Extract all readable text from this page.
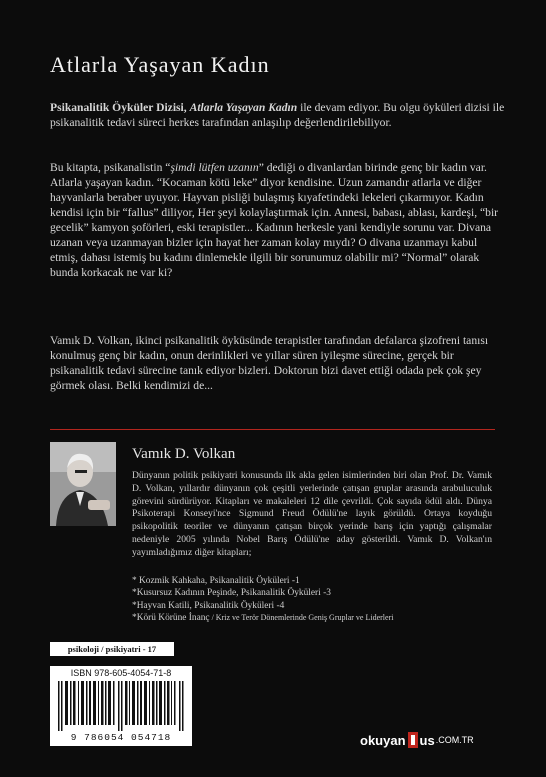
Atlarla Yaşayan Kadın

Psikanalitik Öyküler Dizisi, Atlarla Yaşayan Kadın ile devam ediyor. Bu olgu öyküleri dizisi ile psikanalitik tedavi süreci herkes tarafından anlaşılıp değerlendirilebiliyor.

Bu kitapta, psikanalistin “şimdi lütfen uzanın” dediği o divanlardan birinde genç bir kadın var. Atlarla yaşayan kadın. “Kocaman kötü leke” diyor kendisine. Uzun zamandır atlarla ve diğer hayvanlarla beraber uyuyor. Hayvan pisliği bulaşmış kıyafetindeki lekeleri çıkarmıyor. Kadın kendisi için bir “fallus” diliyor, Her şeyi kolaylaştırmak için. Annesi, babası, ablası, kardeşi, “bir gecelik” kamyon şoförleri, eski terapistler... Kadının herkesle yani kendiyle sorunu var. Divana uzanan veya uzanmayan bizler için hayat her zaman kolay mıydı? O divana uzanmayı kabul etmiş, dahası istemiş bu kadını dinlemekle ilgili bir sorunumuz olabilir mi? “Normal” olarak bunda korkacak ne var ki?

Vamık D. Volkan, ikinci psikanalitik öyküsünde terapistler tarafından defalarca şizofreni tanısı konulmuş genç bir kadın, onun derinlikleri ve yıllar süren iyileşme sürecine, gerçek bir psikanalitik tedavi sürecine tanık ediyor bizleri. Doktorun bizi davet ettiği odada pek çok şey görmek olası. Belki kendimizi de...

Vamık D. Volkan

Dünyanın politik psikiyatri konusunda ilk akla gelen isimlerinden biri olan Prof. Dr. Vamık D. Volkan, yıllardır dünyanın çok çeşitli yerlerinde çatışan gruplar arasında arabuluculuk görevini sürdürüyor. Kitapları ve makaleleri 12 dile çevrildi. Çok sayıda ödül aldı. Dünya Psikoterapi Konseyi'nce Sigmund Freud Ödülü'ne layık görüldü. Ortaya koyduğu psikopolitik teoriler ve dünyanın çatışan birçok yerinde barış için yaptığı çalışmalar nedeniyle 2005 yılında Nobel Barış Ödülü'ne aday gösterildi. Vamık D. Volkan'ın yayımladığımız diğer kitapları;

* Kozmik Kahkaha, Psikanalitik Öyküleri -1
*Kusursuz Kadının Peşinde, Psikanalitik Öyküleri -3
*Hayvan Katili, Psikanalitik Öyküleri -4
*Körü Körüne İnanç / Kriz ve Terör Dönemlerinde Geniş Gruplar ve Liderleri
psikoloji / psikiyatri - 17
ISBN 978-605-4054-71-8
9 786054 054718	okuyan us .COM.TR
